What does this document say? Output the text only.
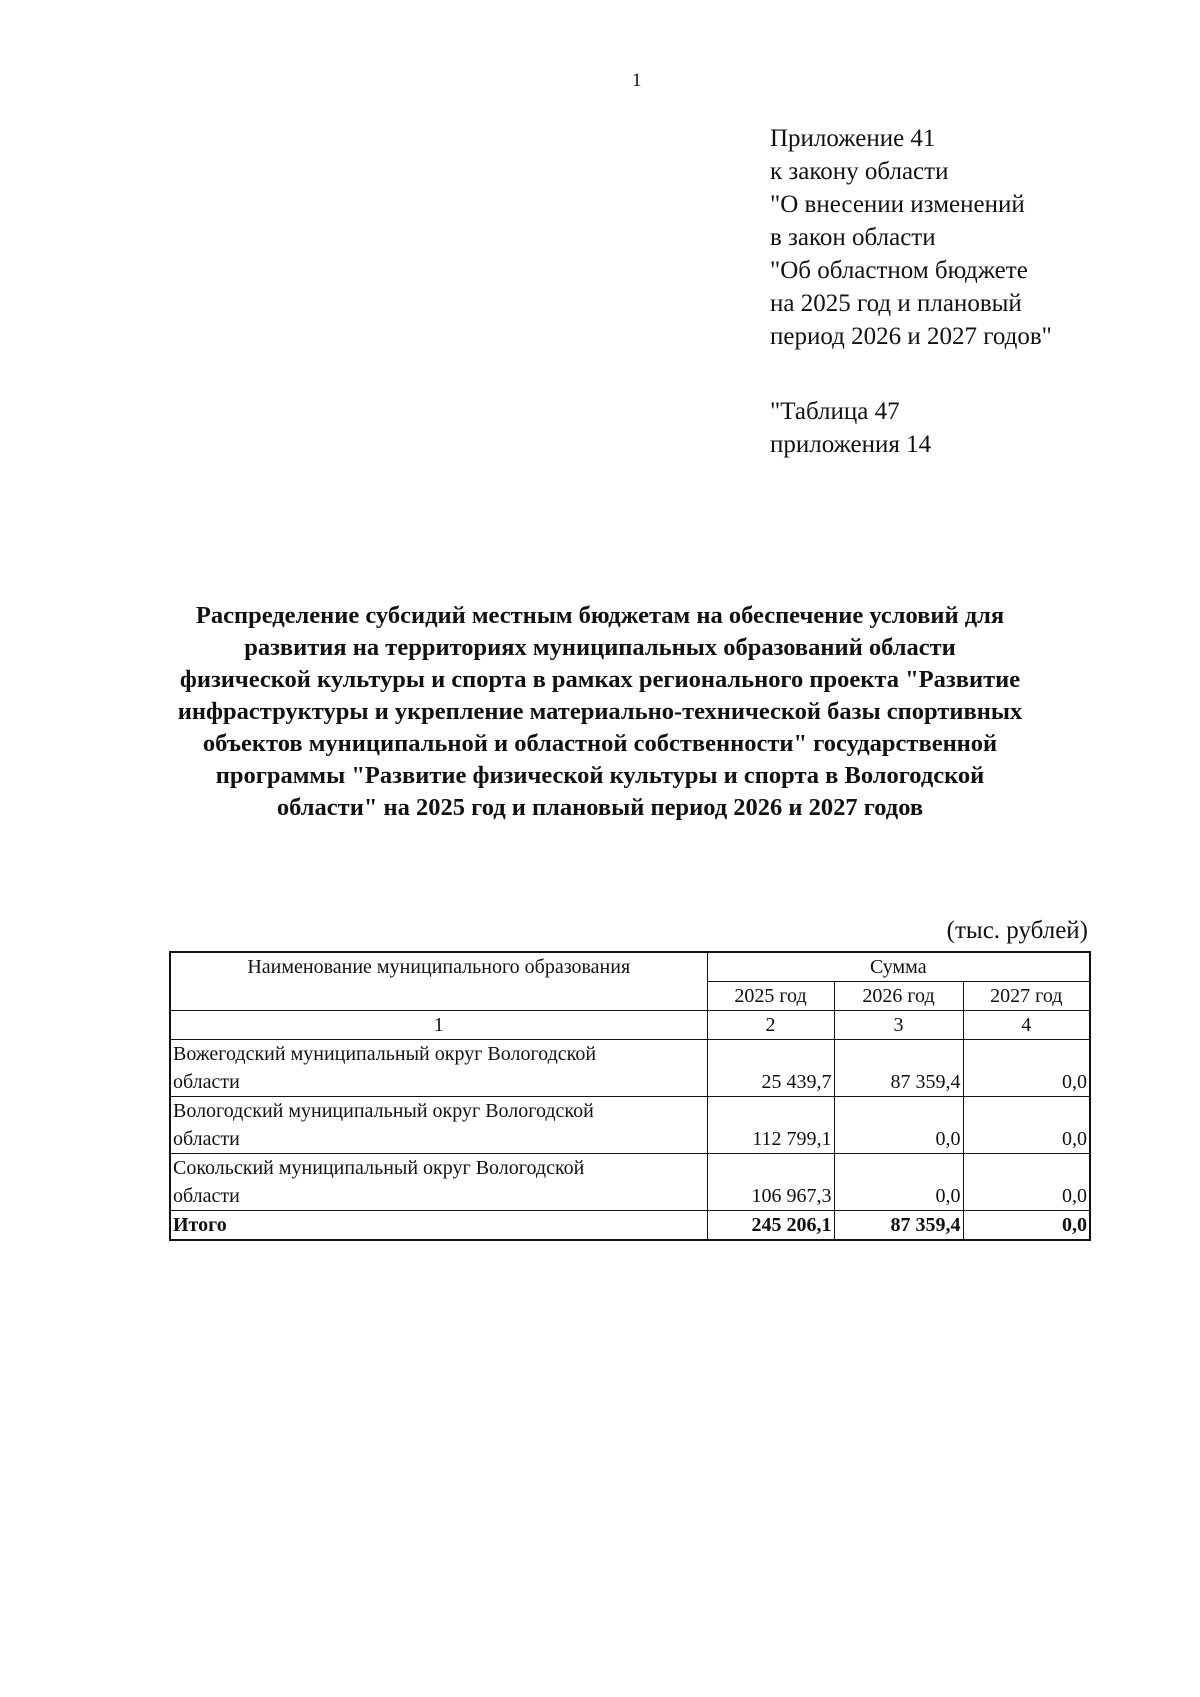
1
Приложение 41
к закону области
"О внесении изменений
в закон области
"Об областном бюджете
на 2025 год и плановый
период 2026 и 2027 годов"
"Таблица 47
приложения 14
Распределение субсидий местным бюджетам на обеспечение условий для
развития на территориях муниципальных образований области
физической культуры и спорта в рамках регионального проекта "Развитие
инфраструктуры и укрепление материально-технической базы спортивных
объектов муниципальной и областной собственности" государственной
программы "Развитие физической культуры и спорта в Вологодской
области" на 2025 год и плановый период 2026 и 2027 годов
(тыс. рублей)
Наименование муниципального образования	Сумма		
	2025 год	2026 год	2027 год
1	2	3	4

Вожегодский муниципальный округ Вологодской
области	25 439,7	87 359,4	0,0

Вологодский муниципальный округ Вологодской
области	112 799,1	0,0	0,0

Сокольский муниципальный округ Вологодской
области	106 967,3	0,0	0,0
Итого	245 206,1	87 359,4	0,0
